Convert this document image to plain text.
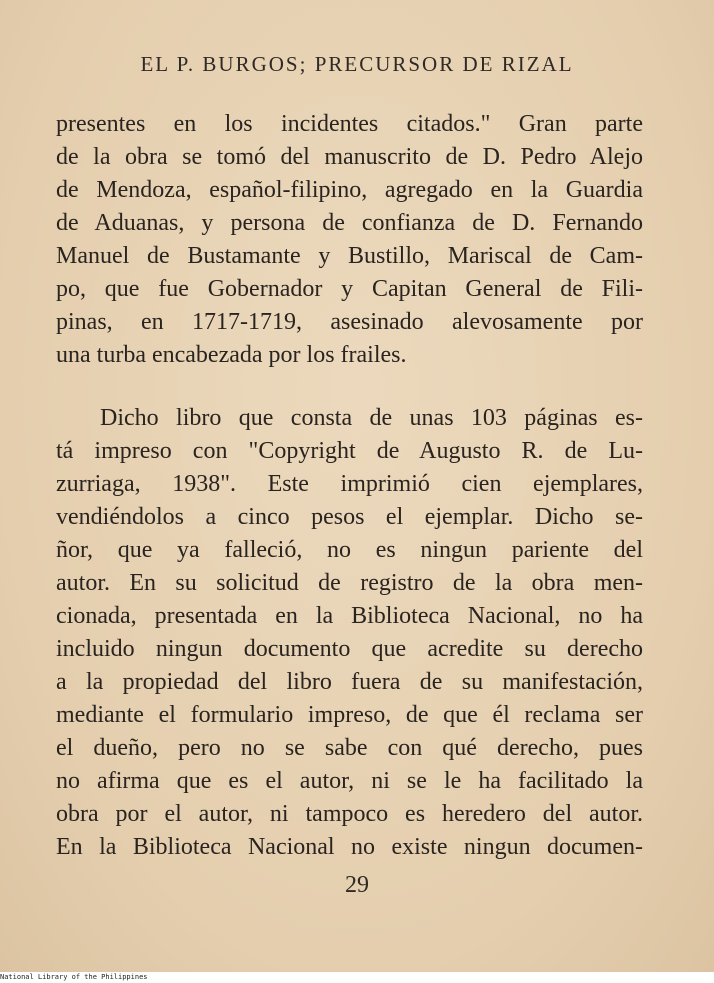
EL P. BURGOS; PRECURSOR DE RIZAL
presentes en los incidentes citados." Gran parte
de la obra se tomó del manuscrito de D. Pedro Alejo
de Mendoza, español-filipino, agregado en la Guardia
de Aduanas, y persona de confianza de D. Fernando
Manuel de Bustamante y Bustillo, Mariscal de Cam-
po, que fue Gobernador y Capitan General de Fili-
pinas, en 1717-1719, asesinado alevosamente por
una turba encabezada por los frailes.
Dicho libro que consta de unas 103 páginas es-
tá impreso con "Copyright de Augusto R. de Lu-
zurriaga, 1938". Este imprimió cien ejemplares,
vendiéndolos a cinco pesos el ejemplar. Dicho se-
ñor, que ya falleció, no es ningun pariente del
autor. En su solicitud de registro de la obra men-
cionada, presentada en la Biblioteca Nacional, no ha
incluido ningun documento que acredite su derecho
a la propiedad del libro fuera de su manifestación,
mediante el formulario impreso, de que él reclama ser
el dueño, pero no se sabe con qué derecho, pues
no afirma que es el autor, ni se le ha facilitado la
obra por el autor, ni tampoco es heredero del autor.
En la Biblioteca Nacional no existe ningun documen-
29
National Library of the Philippines
